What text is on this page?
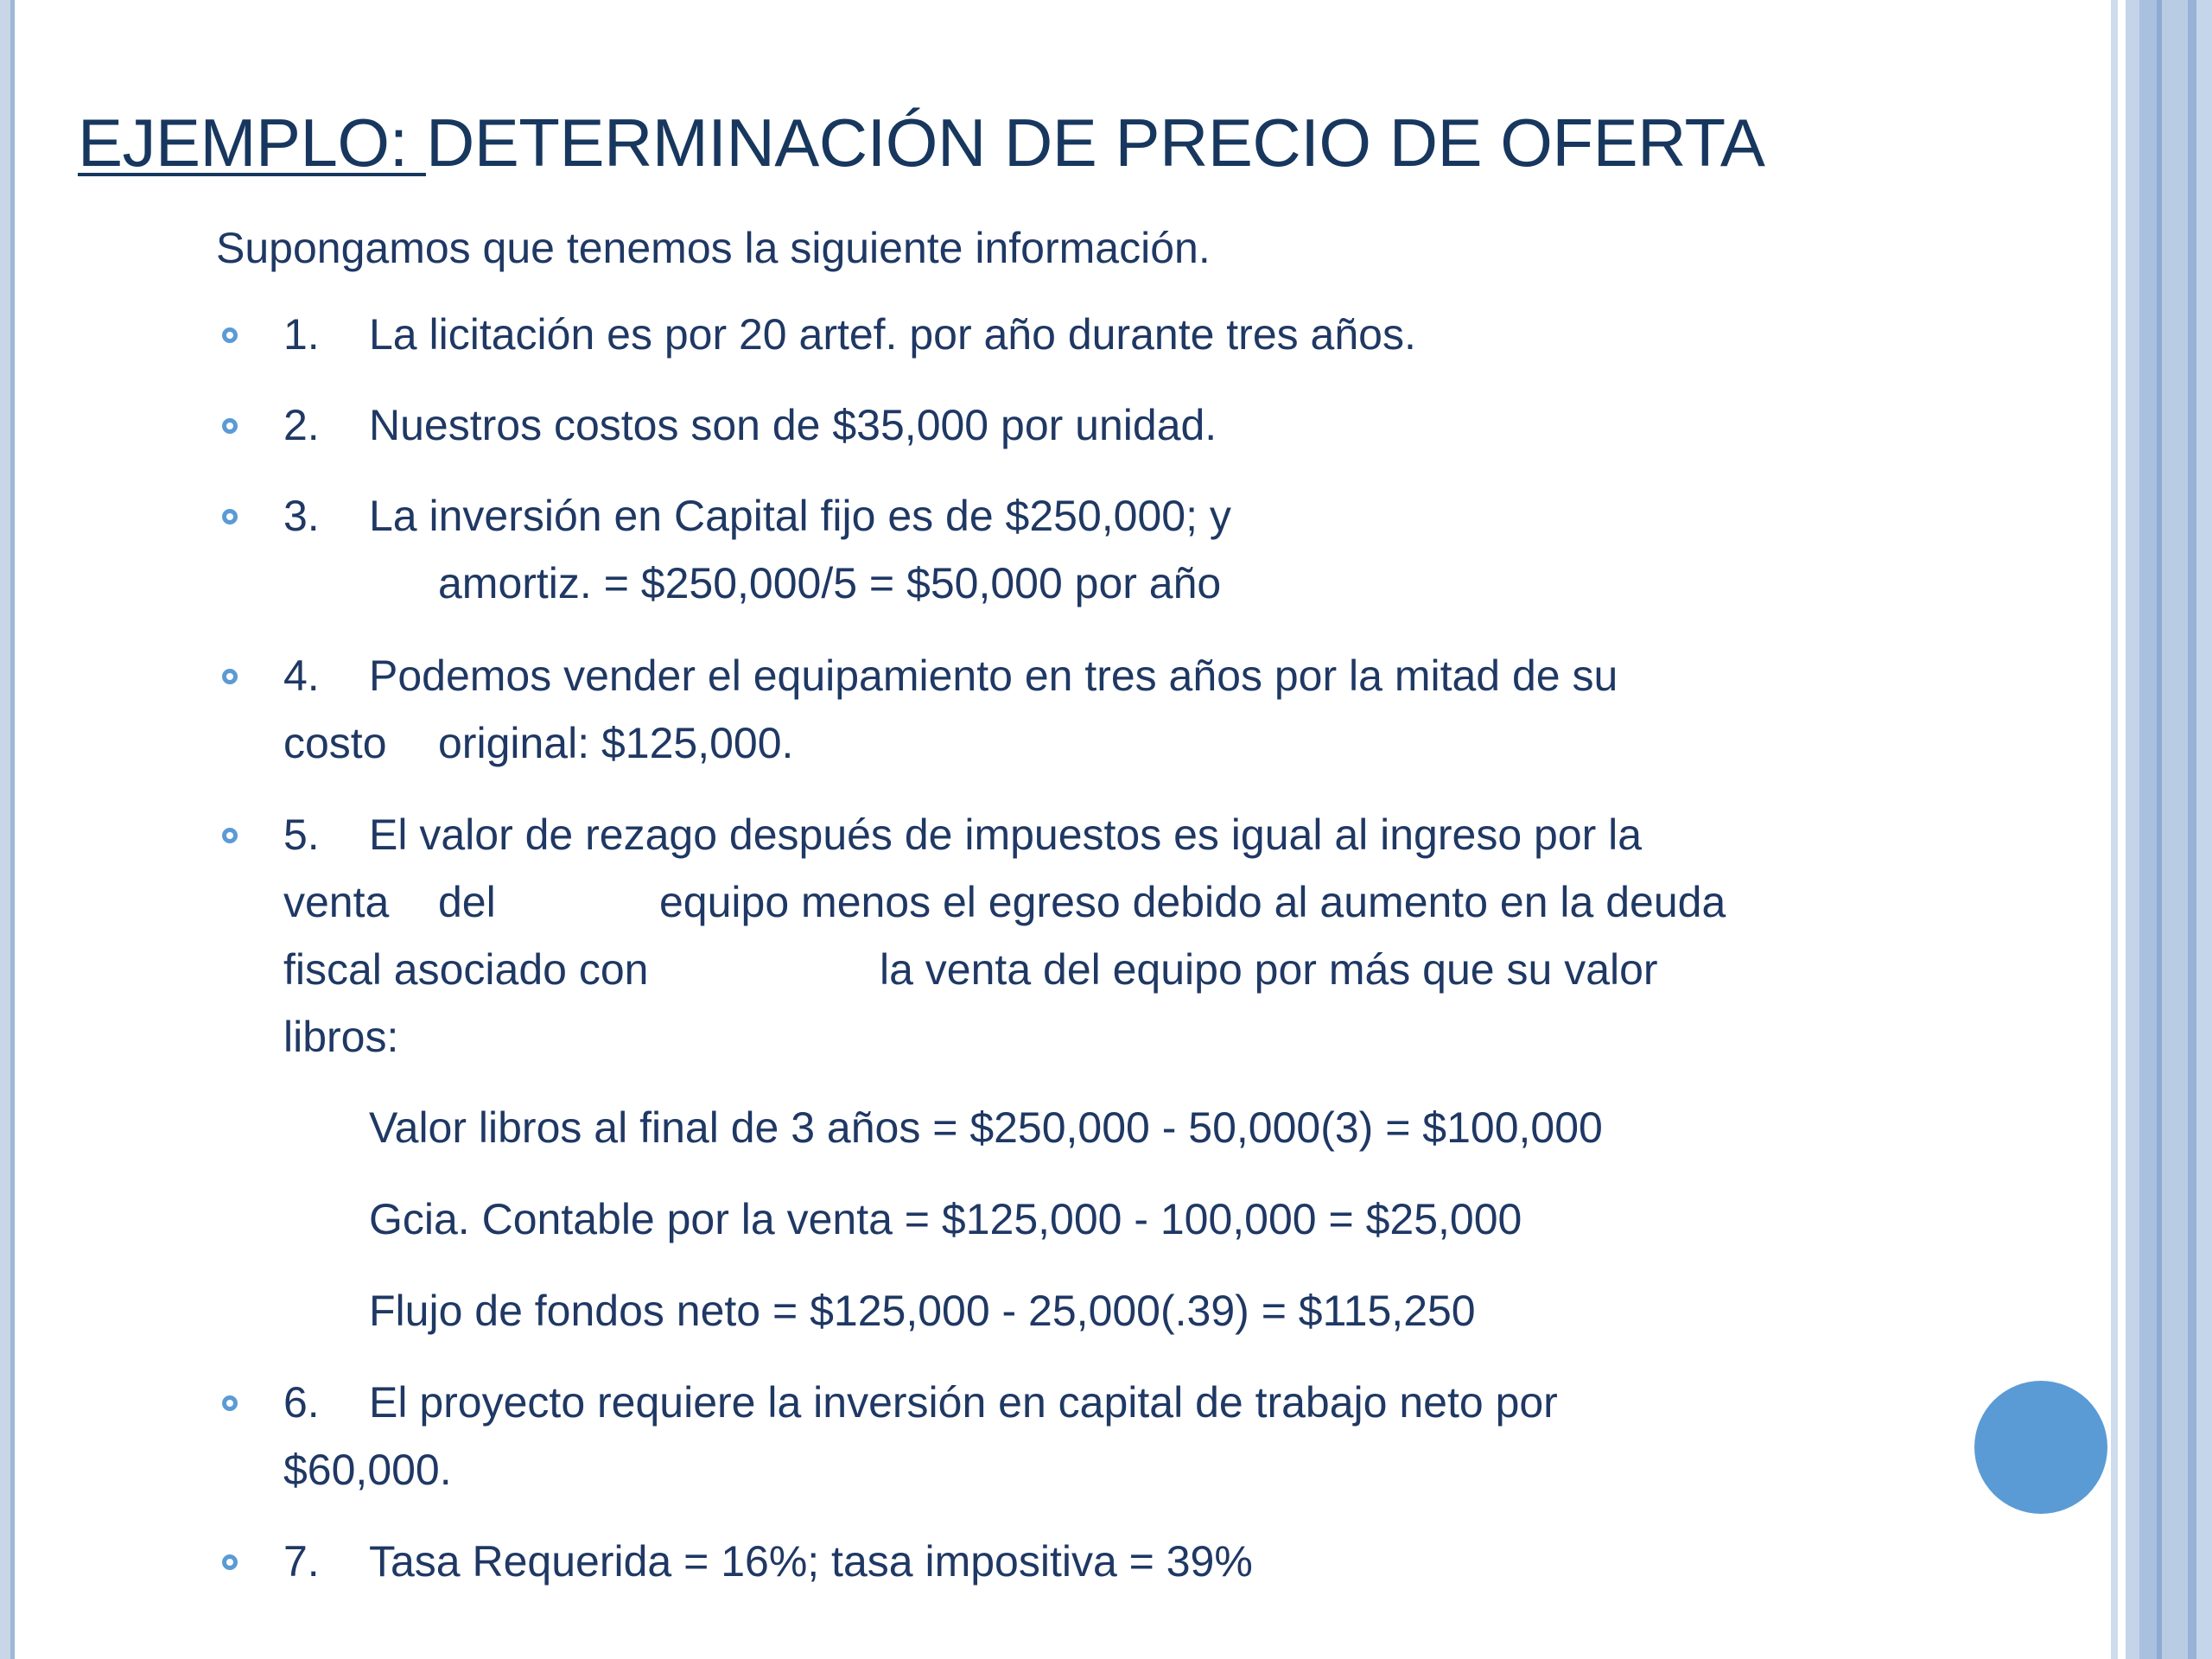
EJEMPLO: DETERMINACIÓN DE PRECIO DE OFERTA
Supongamos que tenemos la siguiente información.
1. La licitación es por 20 artef. por año durante tres años.
2. Nuestros costos son de $35,000 por unidad.
3. La inversión en Capital fijo es de $250,000; y
amortiz. = $250,000/5 = $50,000 por año
4. Podemos vender el equipamiento en tres años por la mitad de su
costo original: $125,000.
5. El valor de rezago después de impuestos es igual al ingreso por la
venta del	equipo menos el egreso debido al aumento en la deuda
fiscal asociado con	la venta del equipo por más que su valor
libros:
Valor libros al final de 3 años = $250,000 - 50,000(3) = $100,000
Gcia. Contable por la venta = $125,000 - 100,000 = $25,000
Flujo de fondos neto = $125,000 - 25,000(.39) = $115,250
6. El proyecto requiere la inversión en capital de trabajo neto por
$60,000.
7. Tasa Requerida = 16%; tasa impositiva = 39%
